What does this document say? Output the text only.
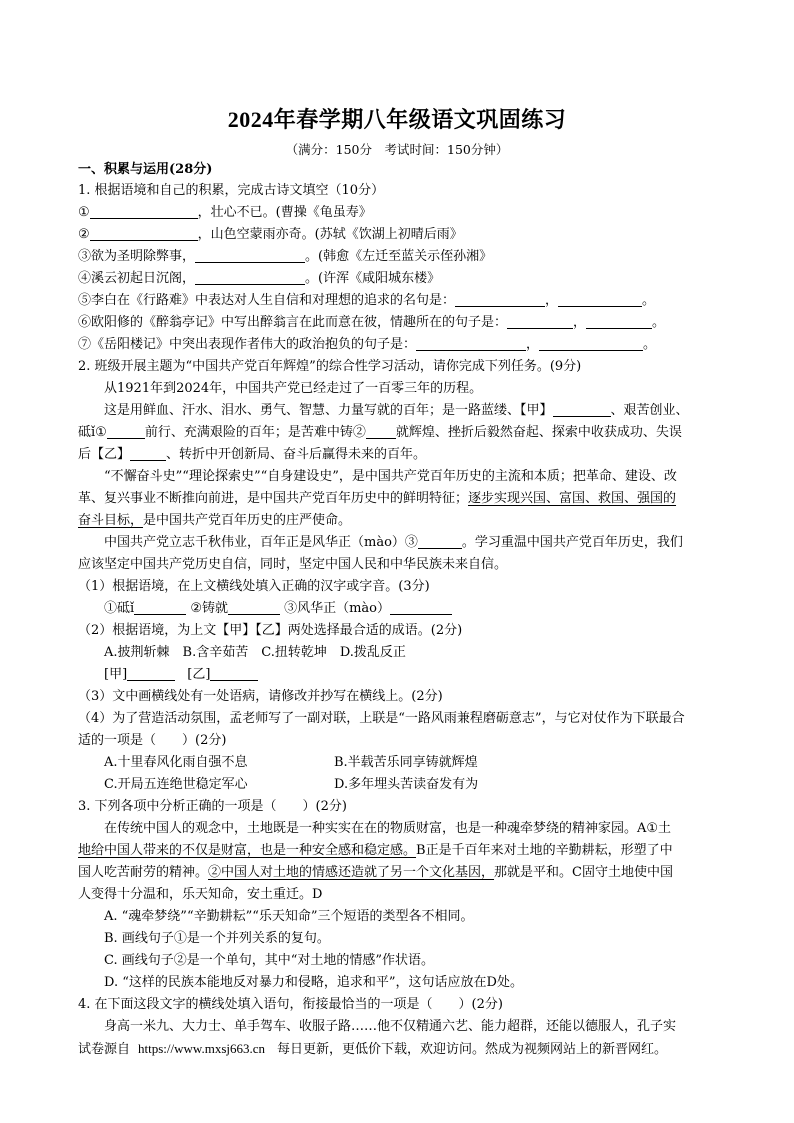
2024年春学期八年级语文巩固练习
（满分：150分　考试时间：150分钟）
一、积累与运用(28分)
1. 根据语境和自己的积累，完成古诗文填空（10分）
①	，壮心不已。(曹操《龟虽寿》
②	，山色空蒙雨亦奇。(苏轼《饮湖上初晴后雨》
③欲为圣明除弊事，	。(韩愈《左迁至蓝关示侄孙湘》
④溪云初起日沉阁，	。(许浑《咸阳城东楼》
⑤李白在《行路难》中表达对人生自信和对理想的追求的名句是：	，	。
⑥欧阳修的《醉翁亭记》中写出醉翁言在此而意在彼，情趣所在的句子是：	，	。
⑦《岳阳楼记》中突出表现作者伟大的政治抱负的句子是：	，	。
2. 班级开展主题为“中国共产党百年辉煌”的综合性学习活动，请你完成下列任务。(9分)
从1921年到2024年，中国共产党已经走过了一百零三年的历程。
这是用鲜血、汗水、泪水、勇气、智慧、力量写就的百年；是一路蓝缕、【甲】	、艰苦创业、
砥ǐ①	前行、充满艰险的百年；是苦难中铸② 就辉煌、挫折后毅然奋起、探索中收获成功、失误
后【乙】	、转折中开创新局、奋斗后赢得未来的百年。
“不懈奋斗史”“理论探索史”“自身建设史”，是中国共产党百年历史的主流和本质；把革命、建设、改
革、复兴事业不断推向前进，是中国共产党百年历史中的鲜明特征；逐步实现兴国、富国、救国、强国的
奋斗目标，是中国共产党百年历史的庄严使命。
中国共产党立志千秋伟业，百年正是风华正（mào）③	。学习重温中国共产党百年历史，我们
应该坚定中国共产党历史自信，同时，坚定中国人民和中华民族未来自信。
（1）根据语境，在上文横线处填入正确的汉字或字音。(3分)
①砥ǐ	②铸就	③风华正（mào）
（2）根据语境，为上文【甲】【乙】两处选择最合适的成语。(2分)
A.披荆斩棘　B.含辛茹苦　C.扭转乾坤　D.拨乱反正
[甲]	[乙]
（3）文中画横线处有一处语病，请修改并抄写在横线上。(2分)
（4）为了营造活动氛围，孟老师写了一副对联，上联是“一路风雨兼程磨砺意志”，与它对仗作为下联最合
适的一项是（　　）(2分)
A.十里春风化雨自强不息	B.半载苦乐同享铸就辉煌
C.开局五连绝世稳定军心	D.多年埋头苦读奋发有为
3. 下列各项中分析正确的一项是（　　）(2分)
在传统中国人的观念中，土地既是一种实实在在的物质财富，也是一种魂牵梦绕的精神家园。A①土
地给中国人带来的不仅是财富，也是一种安全感和稳定感。B正是千百年来对土地的辛勤耕耘，形塑了中
国人吃苦耐劳的精神。②中国人对土地的情感还造就了另一个文化基因，那就是平和。C固守土地使中国
人变得十分温和，乐天知命，安土重迁。D
A. “魂牵梦绕”“辛勤耕耘”“乐天知命”三个短语的类型各不相同。
B. 画线句子①是一个并列关系的复句。
C. 画线句子②是一个单句，其中“对土地的情感”作状语。
D. “这样的民族本能地反对暴力和侵略，追求和平”，这句话应放在D处。
4. 在下面这段文字的横线处填入语句，衔接最恰当的一项是（　　）(2分)
身高一米九、大力士、单手驾车、收服子路……他不仅精通六艺、能力超群，还能以德服人，孔子实
试卷源自 https://www.mxsj663.cn 每日更新，更低价下载，欢迎访问。然成为视频网站上的新晋网红。
